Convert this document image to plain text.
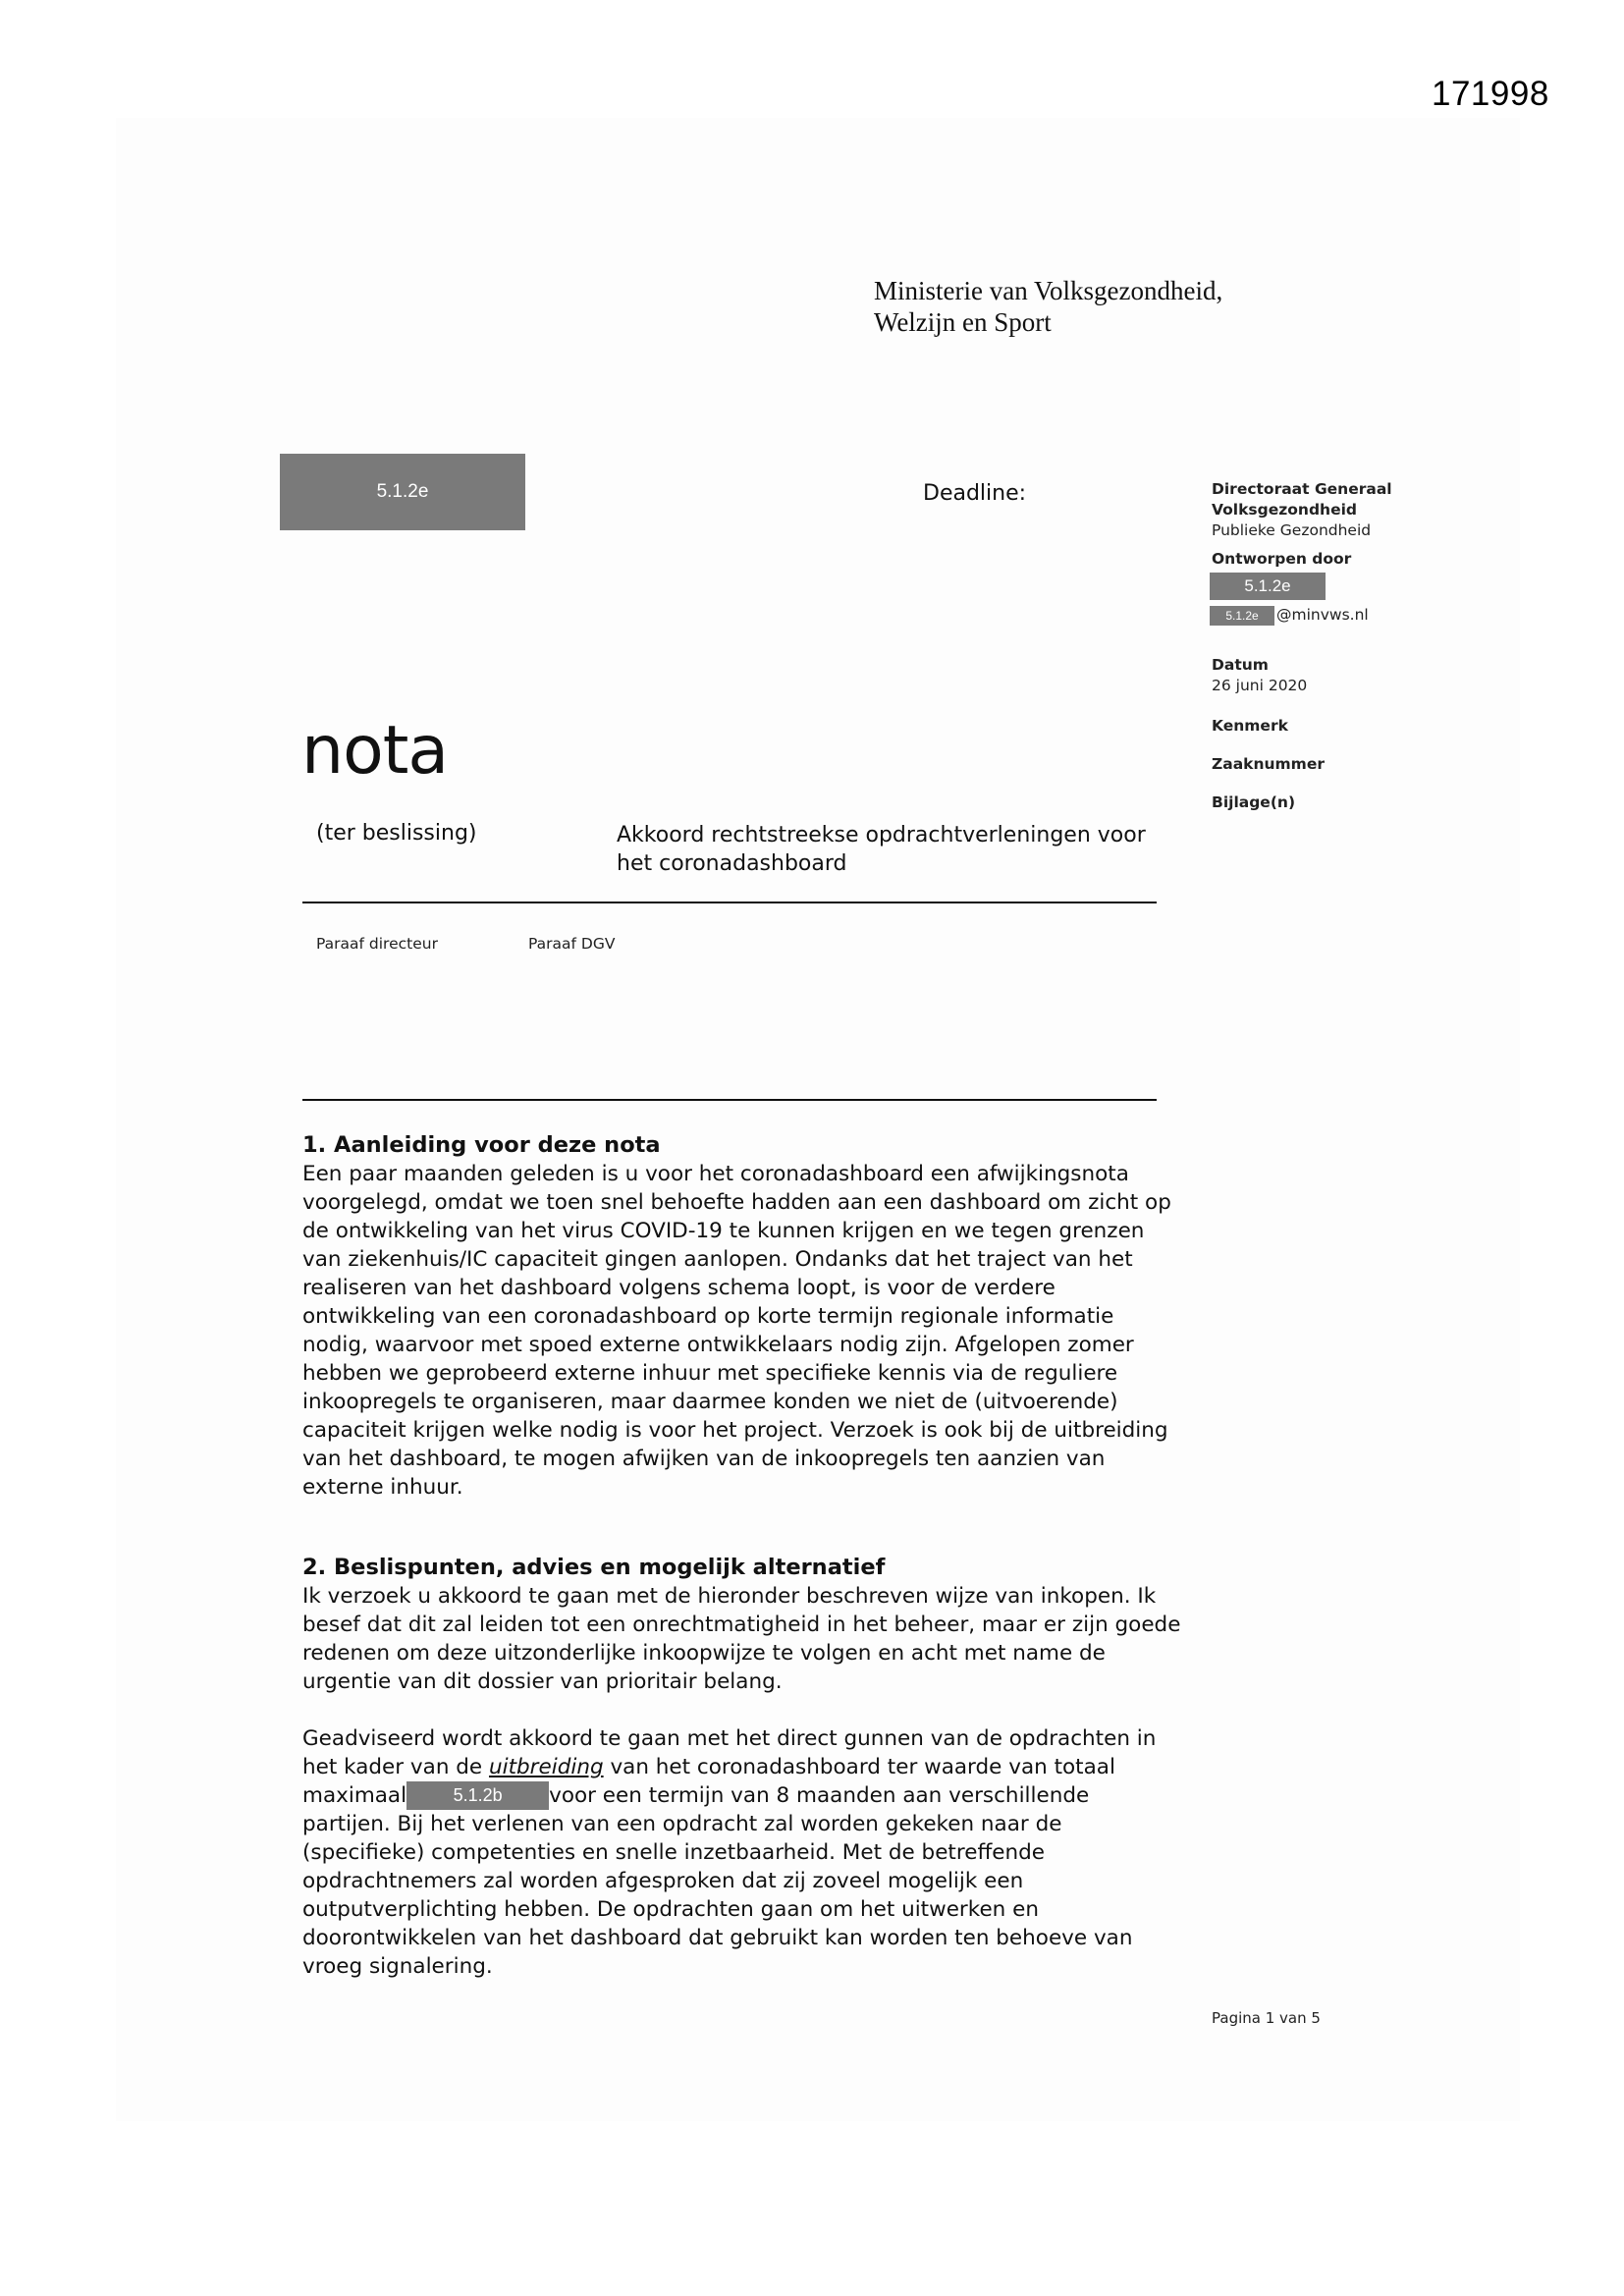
171998
Ministerie van Volksgezondheid,
Welzijn en Sport
5.1.2e	Deadline:	Directoraat Generaal
Volksgezondheid
Publieke Gezondheid
Ontworpen door
5.1.2e
5.1.2e	@minvws.nl
Datum
26 juni 2020
Kenmerk
Zaaknummer
Bijlage(n)
nota
(ter beslissing)	Akkoord rechtstreekse opdrachtverleningen voor
het coronadashboard
Paraaf directeur	Paraaf DGV

1. Aanleiding voor deze nota

Een paar maanden geleden is u voor het coronadashboard een afwijkingsnota

voorgelegd, omdat we toen snel behoefte hadden aan een dashboard om zicht op

de ontwikkeling van het virus COVID-19 te kunnen krijgen en we tegen grenzen

van ziekenhuis/IC capaciteit gingen aanlopen. Ondanks dat het traject van het

realiseren van het dashboard volgens schema loopt, is voor de verdere

ontwikkeling van een coronadashboard op korte termijn regionale informatie

nodig, waarvoor met spoed externe ontwikkelaars nodig zijn. Afgelopen zomer

hebben we geprobeerd externe inhuur met specifieke kennis via de reguliere

inkoopregels te organiseren, maar daarmee konden we niet de (uitvoerende)

capaciteit krijgen welke nodig is voor het project. Verzoek is ook bij de uitbreiding

van het dashboard, te mogen afwijken van de inkoopregels ten aanzien van

externe inhuur.

2. Beslispunten, advies en mogelijk alternatief

Ik verzoek u akkoord te gaan met de hieronder beschreven wijze van inkopen. Ik

besef dat dit zal leiden tot een onrechtmatigheid in het beheer, maar er zijn goede

redenen om deze uitzonderlijke inkoopwijze te volgen en acht met name de

urgentie van dit dossier van prioritair belang.

Geadviseerd wordt akkoord te gaan met het direct gunnen van de opdrachten in

het kader van de uitbreiding van het coronadashboard ter waarde van totaal

maximaal	5.1.2b voor een termijn van 8 maanden aan verschillende

partijen. Bij het verlenen van een opdracht zal worden gekeken naar de

(specifieke) competenties en snelle inzetbaarheid. Met de betreffende

opdrachtnemers zal worden afgesproken dat zij zoveel mogelijk een

outputverplichting hebben. De opdrachten gaan om het uitwerken en

doorontwikkelen van het dashboard dat gebruikt kan worden ten behoeve van

vroeg signalering.

Pagina 1 van 5
